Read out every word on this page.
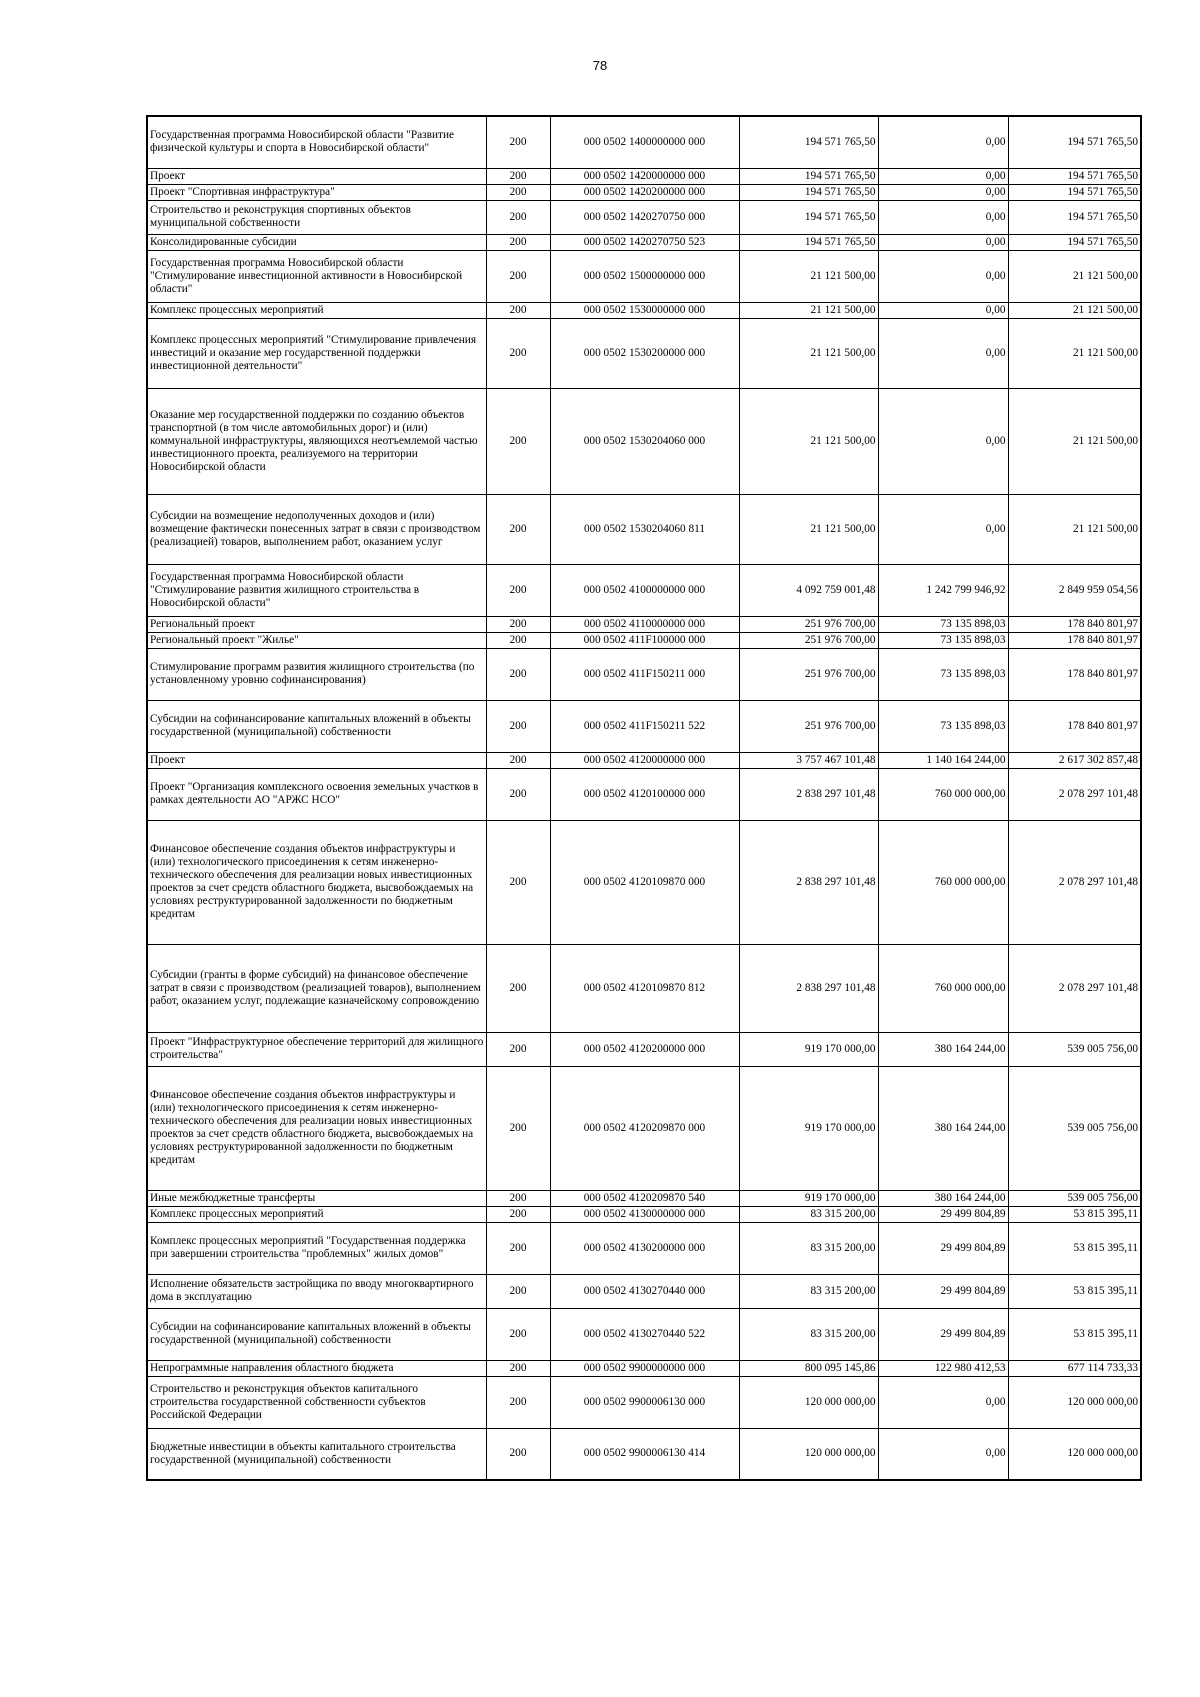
78
Государственная программа Новосибирской области "Развитие физической культуры и спорта в Новосибирской области"	200	000 0502 1400000000 000	194 571 765,50	0,00	194 571 765,50
Проект	200	000 0502 1420000000 000	194 571 765,50	0,00	194 571 765,50
Проект "Спортивная инфраструктура"	200	000 0502 1420200000 000	194 571 765,50	0,00	194 571 765,50
Строительство и реконструкция спортивных объектов муниципальной собственности	200	000 0502 1420270750 000	194 571 765,50	0,00	194 571 765,50
Консолидированные субсидии	200	000 0502 1420270750 523	194 571 765,50	0,00	194 571 765,50
Государственная программа Новосибирской области "Стимулирование инвестиционной активности в Новосибирской области"	200	000 0502 1500000000 000	21 121 500,00	0,00	21 121 500,00
Комплекс процессных мероприятий	200	000 0502 1530000000 000	21 121 500,00	0,00	21 121 500,00
Комплекс процессных мероприятий "Стимулирование привлечения инвестиций и оказание мер государственной поддержки инвестиционной деятельности"	200	000 0502 1530200000 000	21 121 500,00	0,00	21 121 500,00
Оказание мер государственной поддержки по созданию объектов транспортной (в том числе автомобильных дорог) и (или) коммунальной инфраструктуры, являющихся неотъемлемой частью инвестиционного проекта, реализуемого на территории Новосибирской области	200	000 0502 1530204060 000	21 121 500,00	0,00	21 121 500,00
Субсидии на возмещение недополученных доходов и (или) возмещение фактически понесенных затрат в связи с производством (реализацией) товаров, выполнением работ, оказанием услуг	200	000 0502 1530204060 811	21 121 500,00	0,00	21 121 500,00
Государственная программа Новосибирской области "Стимулирование развития жилищного строительства в Новосибирской области"	200	000 0502 4100000000 000	4 092 759 001,48	1 242 799 946,92	2 849 959 054,56
Региональный проект	200	000 0502 4110000000 000	251 976 700,00	73 135 898,03	178 840 801,97
Региональный проект "Жилье"	200	000 0502 411F100000 000	251 976 700,00	73 135 898,03	178 840 801,97
Стимулирование программ развития жилищного строительства (по установленному уровню софинансирования)	200	000 0502 411F150211 000	251 976 700,00	73 135 898,03	178 840 801,97
Субсидии на софинансирование капитальных вложений в объекты государственной (муниципальной) собственности	200	000 0502 411F150211 522	251 976 700,00	73 135 898,03	178 840 801,97
Проект	200	000 0502 4120000000 000	3 757 467 101,48	1 140 164 244,00	2 617 302 857,48
Проект "Организация комплексного освоения земельных участков в рамках деятельности АО "АРЖС НСО"	200	000 0502 4120100000 000	2 838 297 101,48	760 000 000,00	2 078 297 101,48
Финансовое обеспечение создания объектов инфраструктуры и (или) технологического присоединения к сетям инженерно-технического обеспечения для реализации новых инвестиционных проектов за счет средств областного бюджета, высвобождаемых на условиях реструктурированной задолженности по бюджетным кредитам	200	000 0502 4120109870 000	2 838 297 101,48	760 000 000,00	2 078 297 101,48
Субсидии (гранты в форме субсидий) на финансовое обеспечение затрат в связи с производством (реализацией товаров), выполнением работ, оказанием услуг, подлежащие казначейскому сопровождению	200	000 0502 4120109870 812	2 838 297 101,48	760 000 000,00	2 078 297 101,48
Проект "Инфраструктурное обеспечение территорий для жилищного строительства"	200	000 0502 4120200000 000	919 170 000,00	380 164 244,00	539 005 756,00
Финансовое обеспечение создания объектов инфраструктуры и (или) технологического присоединения к сетям инженерно-технического обеспечения для реализации новых инвестиционных проектов за счет средств областного бюджета, высвобождаемых на условиях реструктурированной задолженности по бюджетным кредитам	200	000 0502 4120209870 000	919 170 000,00	380 164 244,00	539 005 756,00
Иные межбюджетные трансферты	200	000 0502 4120209870 540	919 170 000,00	380 164 244,00	539 005 756,00
Комплекс процессных мероприятий	200	000 0502 4130000000 000	83 315 200,00	29 499 804,89	53 815 395,11
Комплекс процессных мероприятий "Государственная поддержка при завершении строительства "проблемных" жилых домов"	200	000 0502 4130200000 000	83 315 200,00	29 499 804,89	53 815 395,11
Исполнение обязательств застройщика по вводу многоквартирного дома в эксплуатацию	200	000 0502 4130270440 000	83 315 200,00	29 499 804,89	53 815 395,11
Субсидии на софинансирование капитальных вложений в объекты государственной (муниципальной) собственности	200	000 0502 4130270440 522	83 315 200,00	29 499 804,89	53 815 395,11
Непрограммные направления областного бюджета	200	000 0502 9900000000 000	800 095 145,86	122 980 412,53	677 114 733,33
Строительство и реконструкция объектов капитального строительства государственной собственности субъектов Российской Федерации	200	000 0502 9900006130 000	120 000 000,00	0,00	120 000 000,00
Бюджетные инвестиции в объекты капитального строительства государственной (муниципальной) собственности	200	000 0502 9900006130 414	120 000 000,00	0,00	120 000 000,00
